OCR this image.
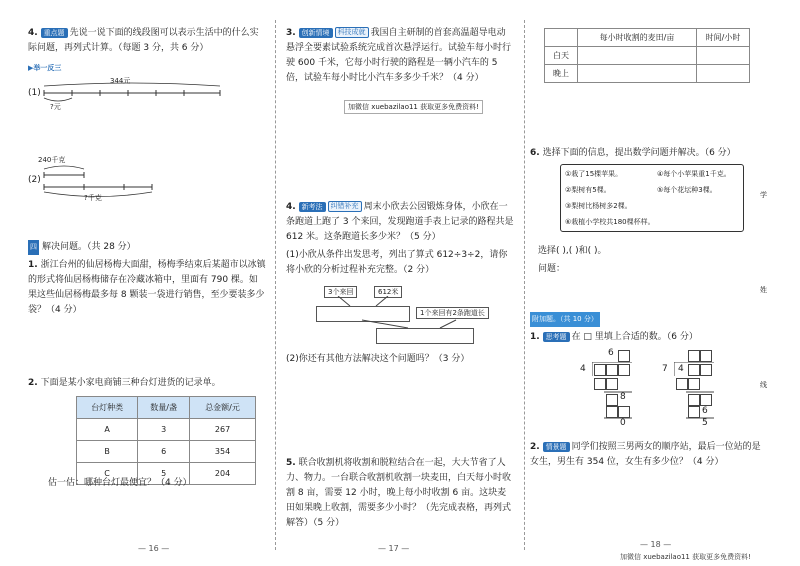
4. 重点题 先说一说下面的线段图可以表示生活中的什么实际问题，再列式计算。（每题 3 分，共 6 分）
▶举一反三
(1)
344元
?元
240千克
(2)
?千克
四 解决问题。（共 28 分）
1. 浙江台州的仙居杨梅大面甜，杨梅季结束后某超市以冰镇的形式将仙居杨梅储存在冷藏冰箱中，里面有 790 棵。如果这些仙居杨梅最多每 8 颗装一袋进行销售，至少要装多少袋？（4 分）
2. 下面是某小家电商铺三种台灯进货的记录单。
台灯种类	数量/盏	总金额/元
A	3	267
B	6	354
C	5	204
估一估：哪种台灯最便宜？（4 分）
— 16 —
3. 创新情境 科技成就 我国自主研制的首套高温超导电动悬浮全要素试验系统完成首次悬浮运行。试验车每小时行驶 600 千米，它每小时行驶的路程是一辆小汽车的 5 倍，试验车每小时比小汽车多多少千米？（4 分）
加微信 xuebazilao11 获取更多免费资料!
4. 新考法 纠错补充 周末小欣去公园锻炼身体，小欣在一条跑道上跑了 3 个来回，发现跑道手表上记录的路程共是 612 米。这条跑道长多少米？（5 分）
(1)小欣从条件出发思考，列出了算式 612÷3÷2，请你将小欣的分析过程补充完整。（2 分）
3个来回	612米
1个来回有2条跑道长
(2)你还有其他方法解决这个问题吗？（3 分）
5. 联合收割机将收割和脱粒结合在一起，大大节省了人力、物力。一台联合收割机收割一块麦田，白天每小时收割 8 亩，需要 12 小时，晚上每小时收割 6 亩。这块麦田如果晚上收割，需要多少小时？（先完成表格，再列式解答）（5 分）
— 17 —
	每小时收割的麦田/亩	时间/小时
白天		
晚上		
6. 选择下面的信息，提出数学问题并解决。（6 分）
①栽了15棵苹果。	④每个小苹果重1千克。
②梨树有5棵。	⑤每个花坛种3棵。
③梨树比杨树多2棵。
⑥栽植小学校共180棵杯样。
选择( ),( )和( )。
问题：
附加题。（共 10 分）
1. 思考题 在 □ 里填上合适的数。（6 分）
6
4
8
0
7 4
6
5
2. 情景题 同学们按照三男两女的顺序站，最后一位站的是女生，男生有 354 位，女生有多少位？（4 分）
— 18 —
加微信 xuebazilao11 获取更多免费资料!
学
姓
线
